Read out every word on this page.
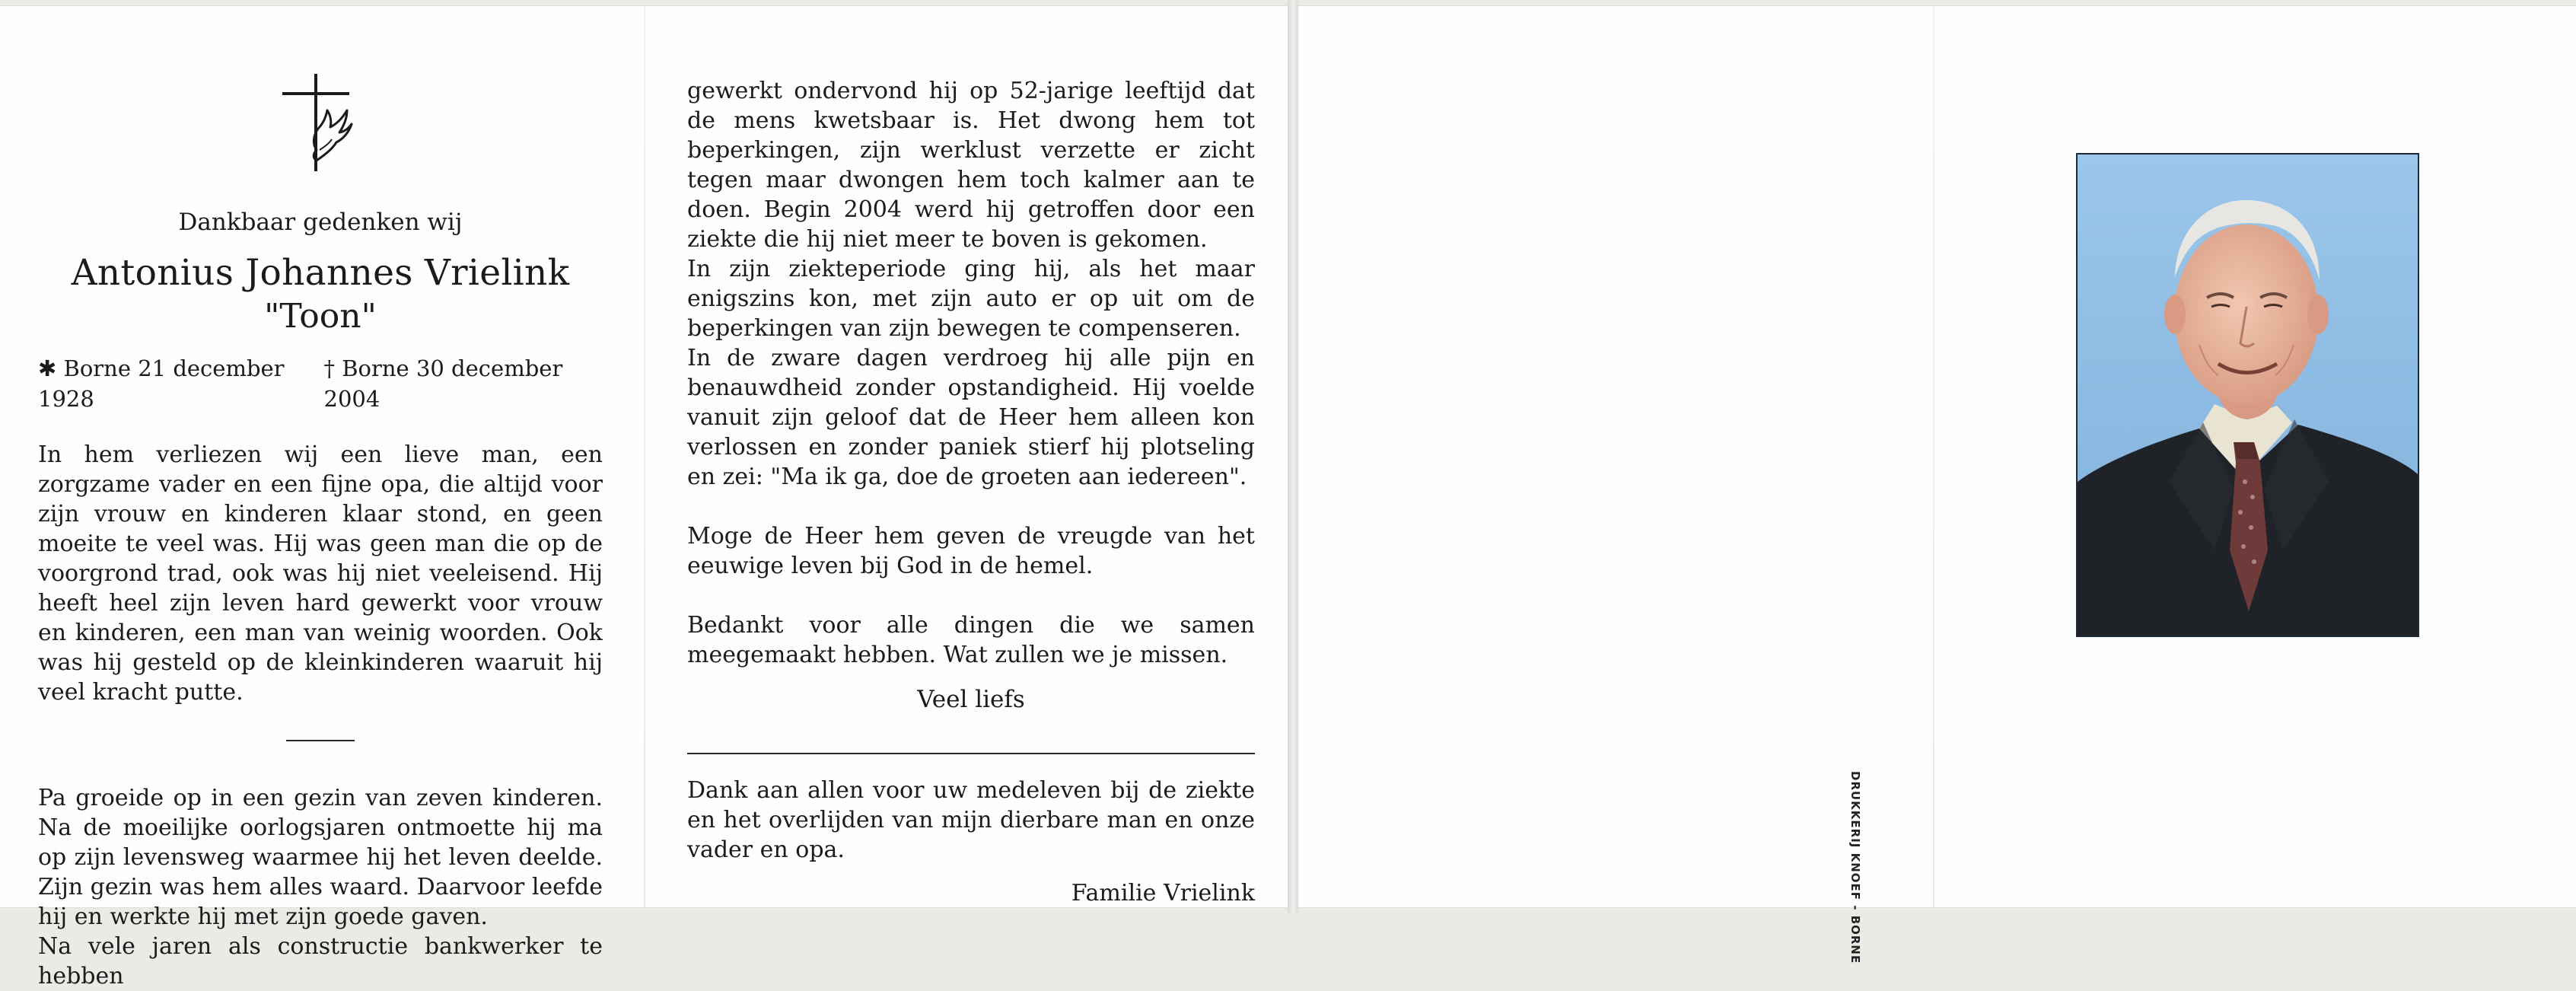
Dankbaar gedenken wij

Antonius Johannes Vrielink

"Toon"

✱ Borne 21 december 1928
† Borne 30 december 2004

In hem verliezen wij een lieve man, een zorgzame vader en een fijne opa, die altijd voor zijn vrouw en kinderen klaar stond, en geen moeite te veel was. Hij was geen man die op de voorgrond trad, ook was hij niet veeleisend. Hij heeft heel zijn leven hard gewerkt voor vrouw en kinderen, een man van weinig woorden. Ook was hij gesteld op de kleinkinderen waaruit hij veel kracht putte.

Pa groeide op in een gezin van zeven kinderen. Na de moeilijke oorlogsjaren ontmoette hij ma op zijn levensweg waarmee hij het leven deelde. Zijn gezin was hem alles waard. Daarvoor leefde hij en werkte hij met zijn goede gaven.

Na vele jaren als constructie bankwerker te hebben

gewerkt ondervond hij op 52-jarige leeftijd dat de mens kwetsbaar is. Het dwong hem tot beperkingen, zijn werklust verzette er zicht tegen maar dwongen hem toch kalmer aan te doen. Begin 2004 werd hij getroffen door een ziekte die hij niet meer te boven is gekomen.

In zijn ziekteperiode ging hij, als het maar enigszins kon, met zijn auto er op uit om de beperkingen van zijn bewegen te compenseren.

In de zware dagen verdroeg hij alle pijn en benauwdheid zonder opstandigheid. Hij voelde vanuit zijn geloof dat de Heer hem alleen kon verlossen en zonder paniek stierf hij plotseling en zei: "Ma ik ga, doe de groeten aan iedereen".

Moge de Heer hem geven de vreugde van het eeuwige leven bij God in de hemel.

Bedankt voor alle dingen die we samen meegemaakt hebben. Wat zullen we je missen.

Veel liefs

Dank aan allen voor uw medeleven bij de ziekte en het overlijden van mijn dierbare man en onze vader en opa.

Familie Vrielink	DRUKKERIJ KNOEF - BORNE
